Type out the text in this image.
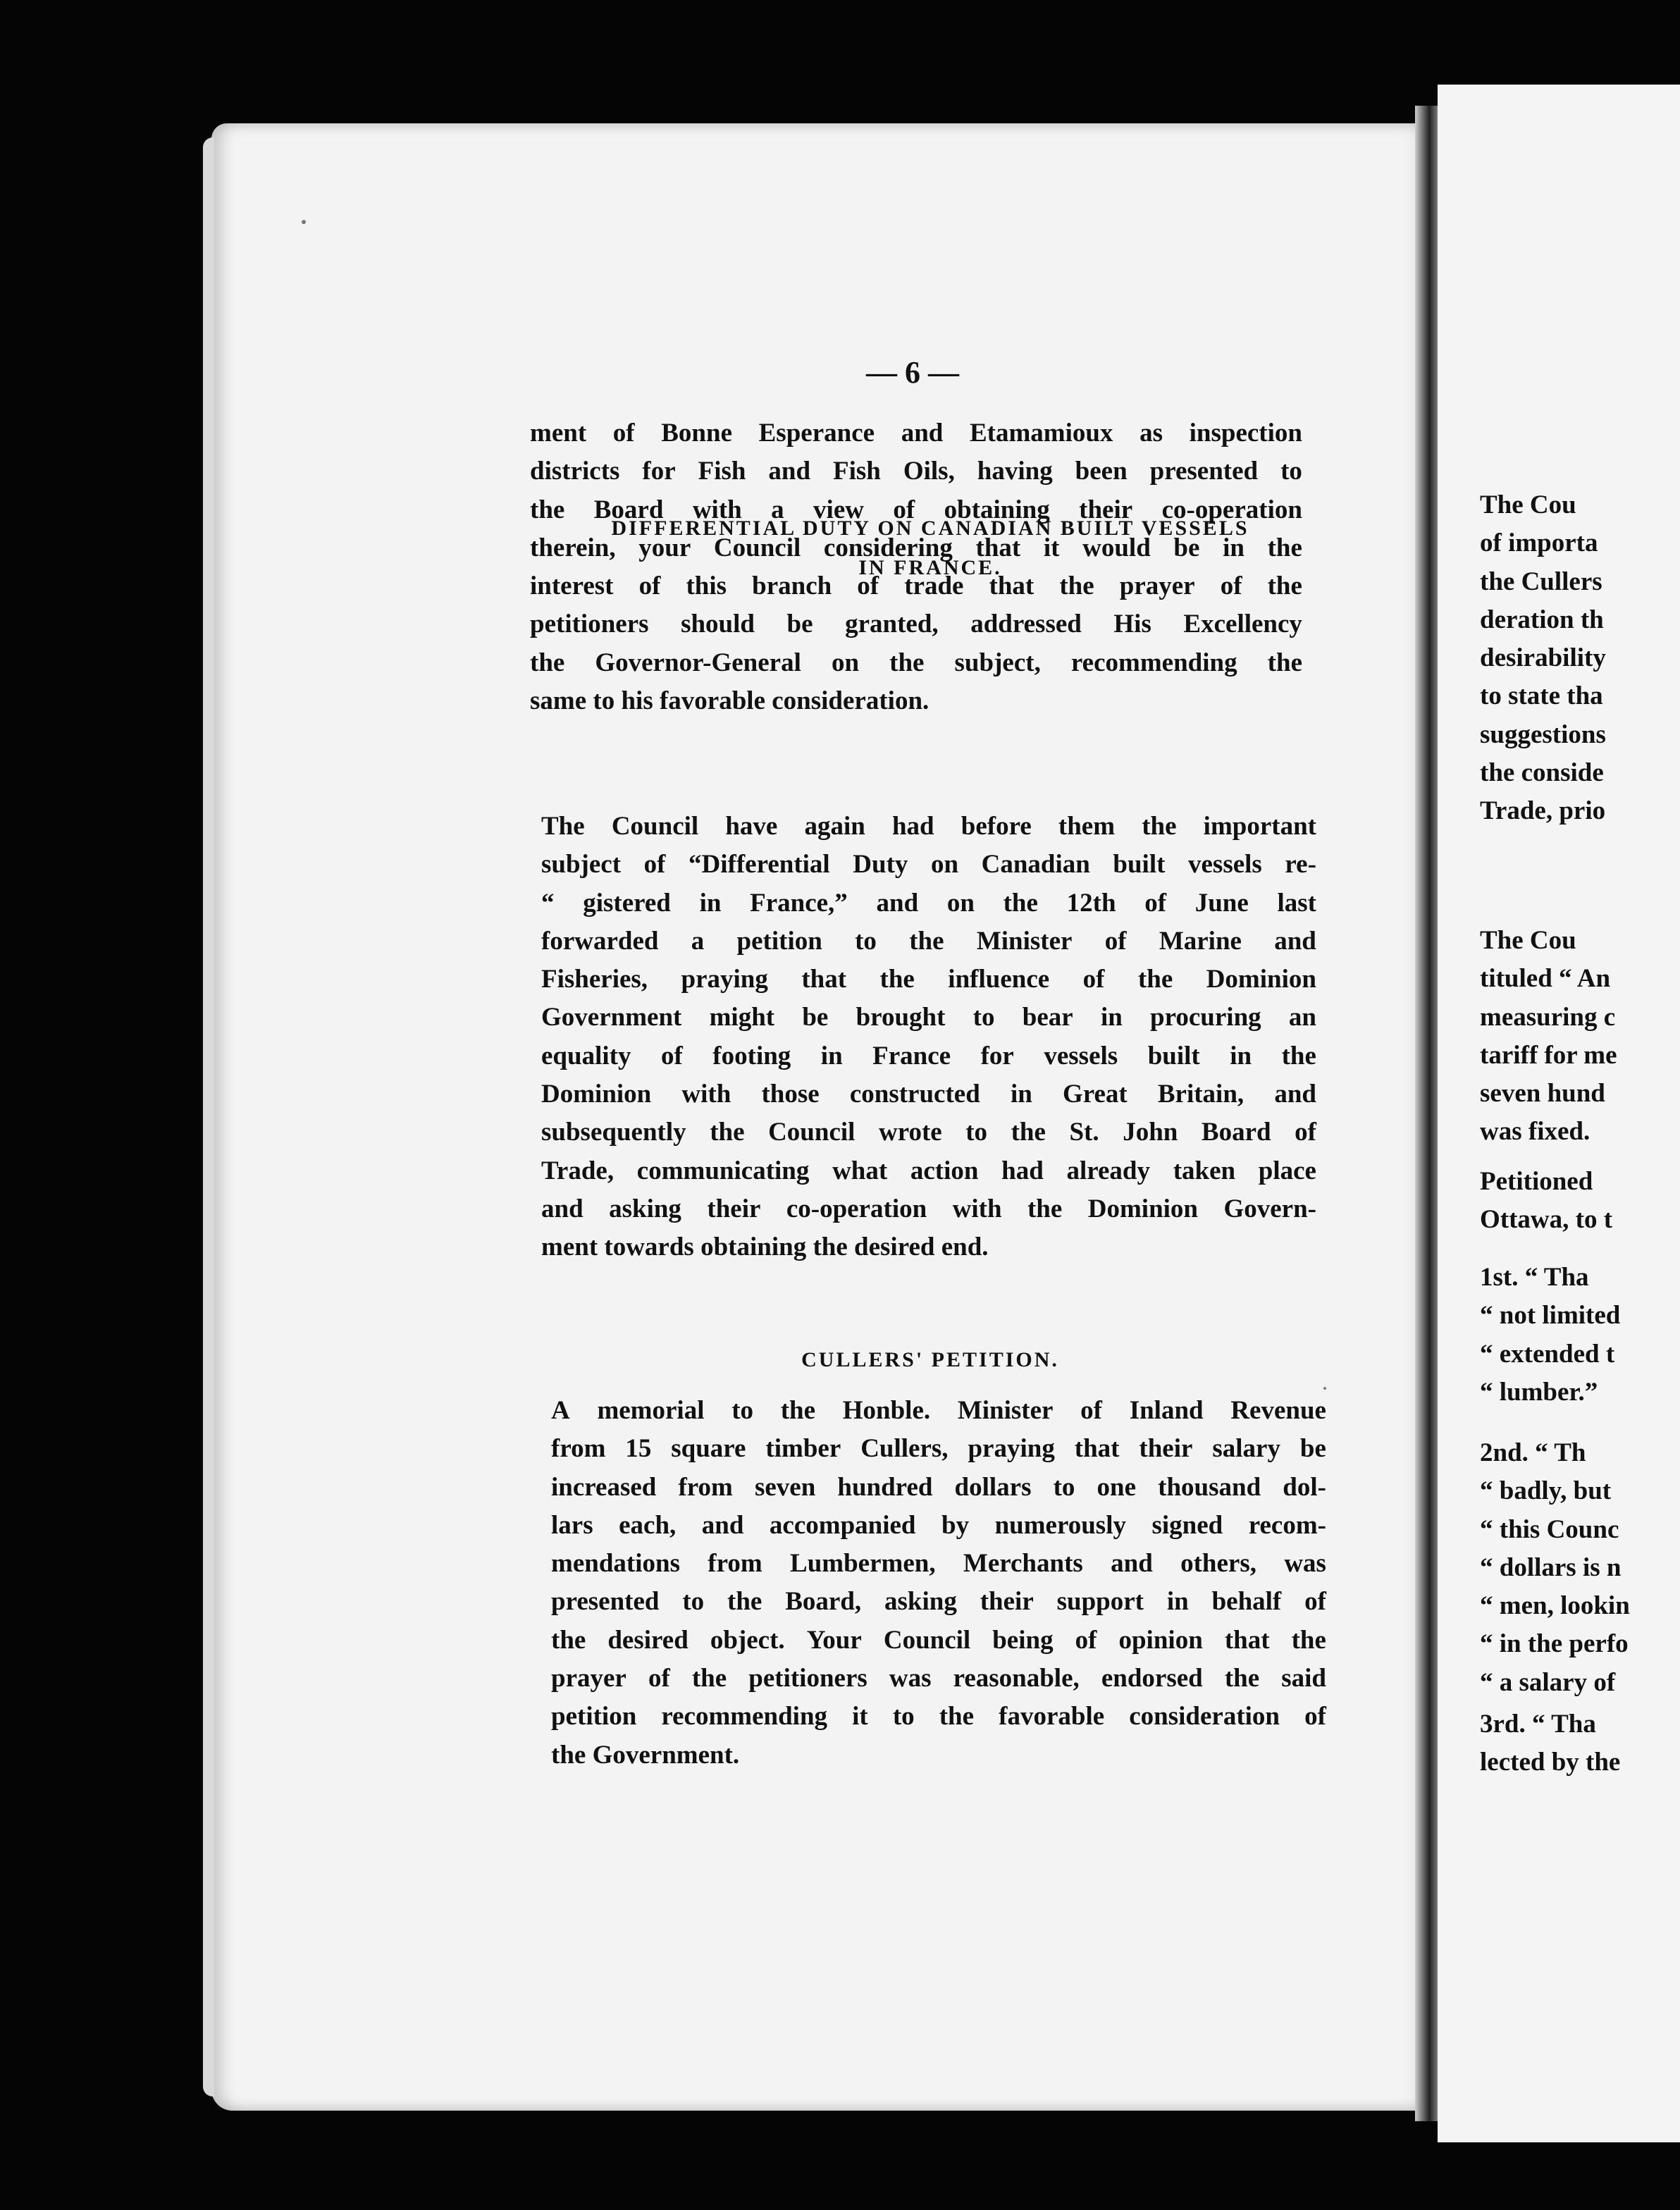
The Cou
of importa
the Cullers
deration th
desirability
to state tha
suggestions
the conside
Trade, prio
The Cou
tituled “ An
measuring c
tariff for me
seven hund
was fixed.
Petitioned
Ottawa, to t
1st. “ Tha
“ not limited
“ extended t
“ lumber.”
2nd. “ Th
“ badly, but
“ this Counc
“ dollars is n
“ men, lookin
“ in the perfo
“ a salary of
3rd. “ Tha
lected by the
— 6 —
ment of Bonne Esperance and Etamamioux as inspection
districts for Fish and Fish Oils, having been presented to
the Board with a view of obtaining their co-operation
therein, your Council considering that it would be in the
interest of this branch of trade that the prayer of the
petitioners should be granted, addressed His Excellency
the Governor-General on the subject, recommending the
same to his favorable consideration.
DIFFERENTIAL DUTY ON CANADIAN BUILT VESSELS
IN FRANCE.
The Council have again had before them the important
subject of “Differential Duty on Canadian built vessels re-
“ gistered in France,” and on the 12th of June last
forwarded a petition to the Minister of Marine and
Fisheries, praying that the influence of the Dominion
Government might be brought to bear in procuring an
equality of footing in France for vessels built in the
Dominion with those constructed in Great Britain, and
subsequently the Council wrote to the St. John Board of
Trade, communicating what action had already taken place
and asking their co-operation with the Dominion Govern-
ment towards obtaining the desired end.
CULLERS' PETITION.
A memorial to the Honble. Minister of Inland Revenue
from 15 square timber Cullers, praying that their salary be
increased from seven hundred dollars to one thousand dol-
lars each, and accompanied by numerously signed recom-
mendations from Lumbermen, Merchants and others, was
presented to the Board, asking their support in behalf of
the desired object. Your Council being of opinion that the
prayer of the petitioners was reasonable, endorsed the said
petition recommending it to the favorable consideration of
the Government.
